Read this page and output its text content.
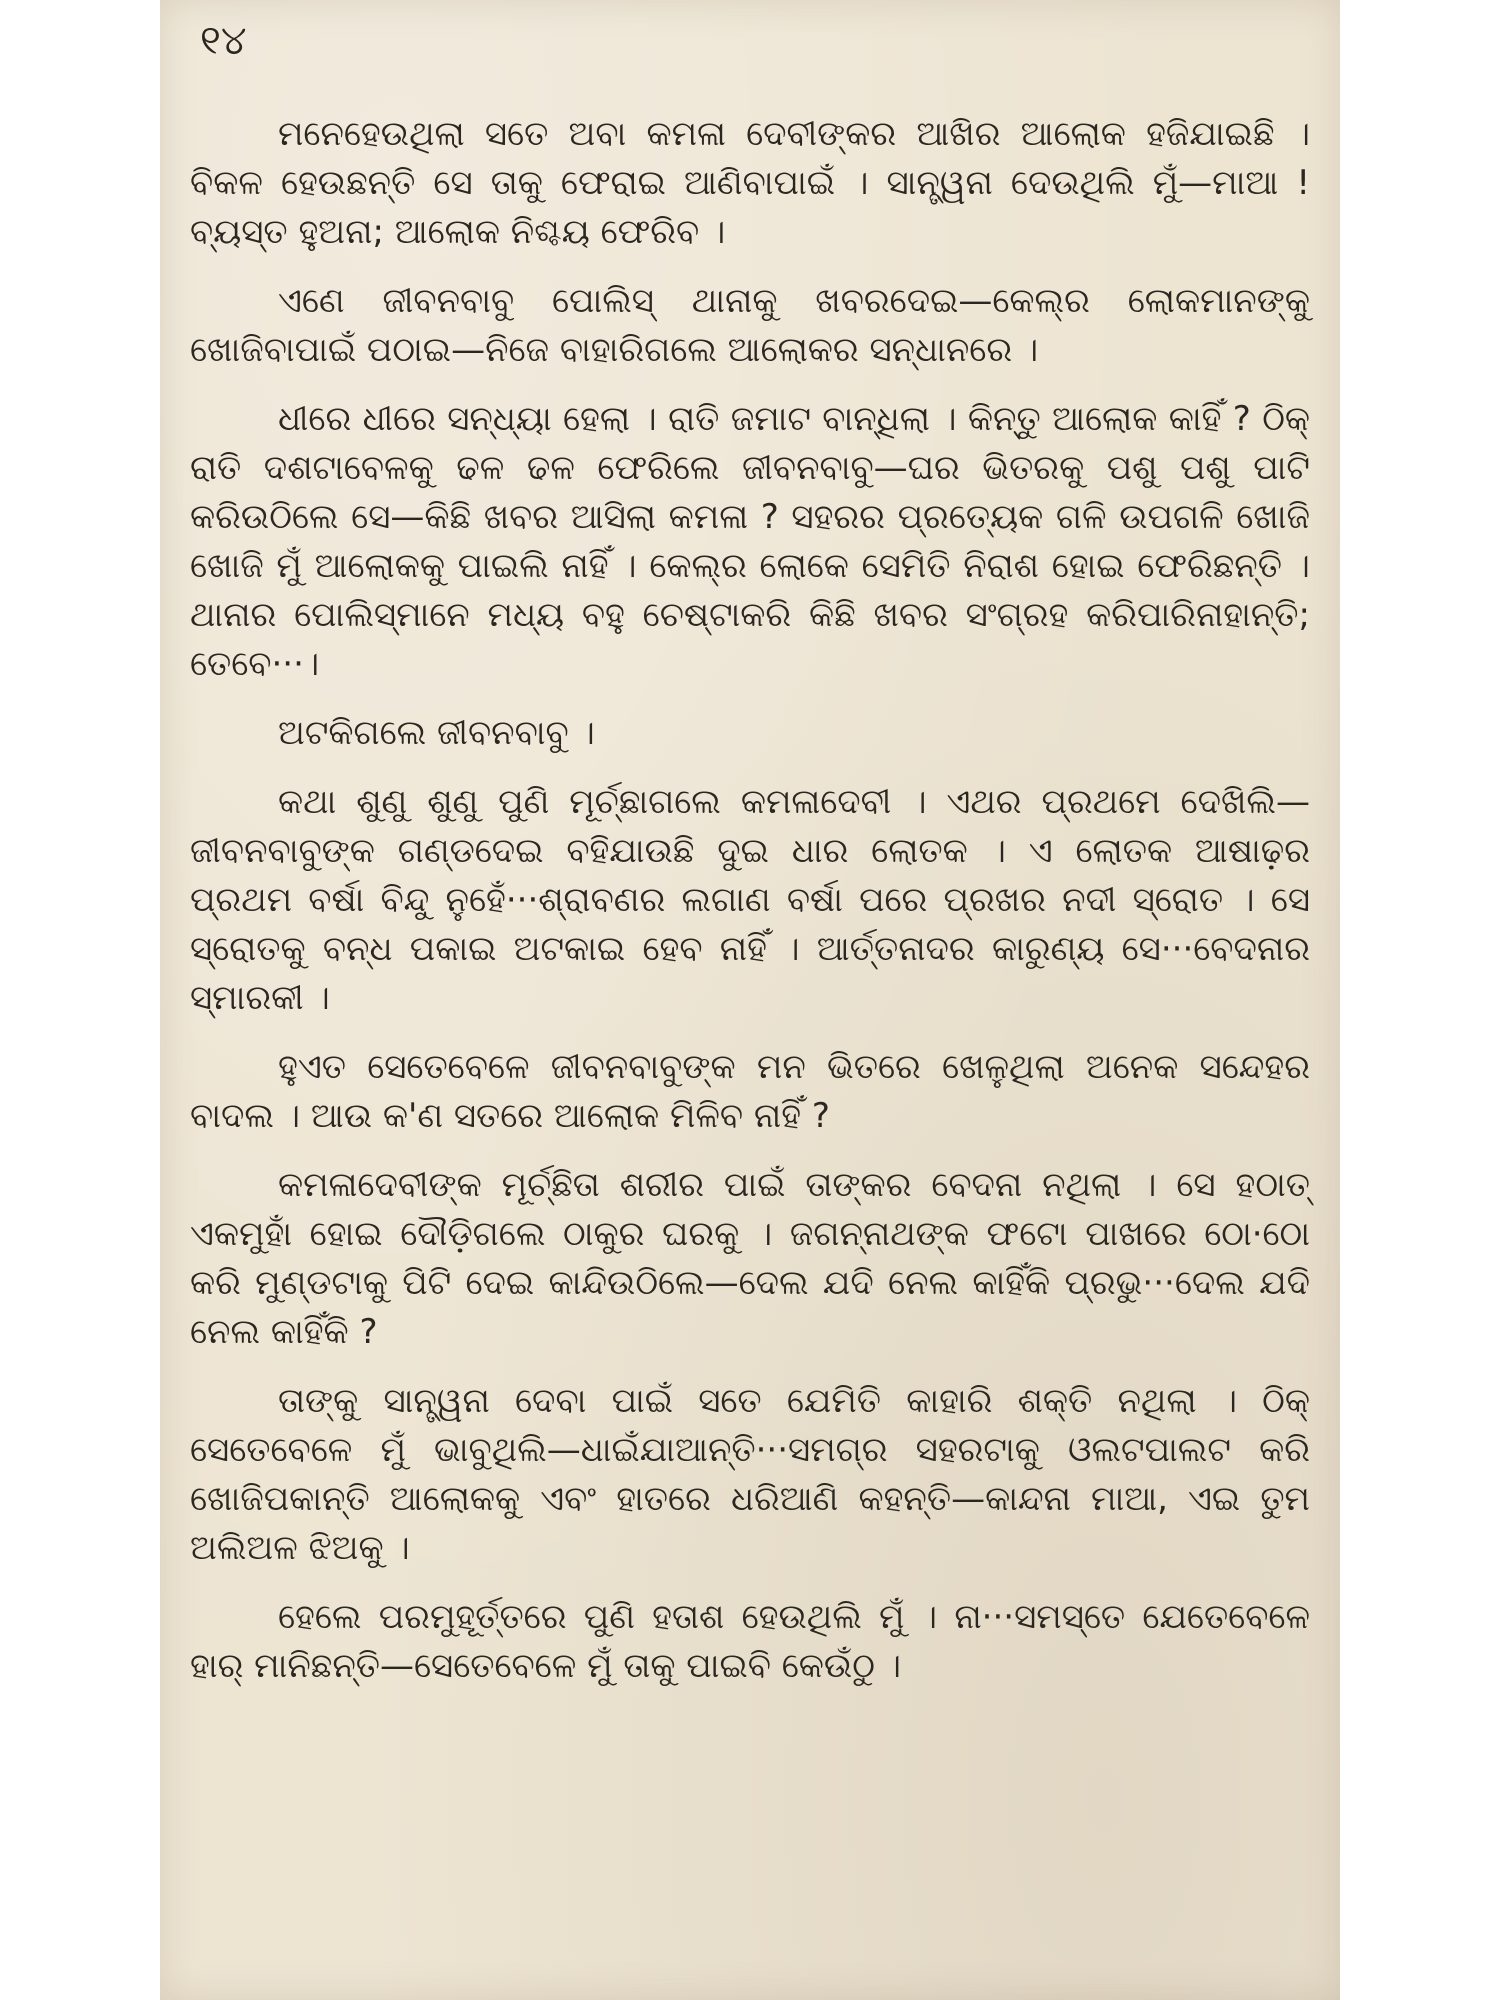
୧୪

ମନେହେଉଥିଲା ସତେ ଅବା କମଳା ଦେବୀଙ୍କର ଆଖିର ଆଲୋକ ହଜିଯାଇଛି । ବିକଳ ହେଉଛନ୍ତି ସେ ତାକୁ ଫେରାଇ ଆଣିବାପାଇଁ । ସାନ୍ତ୍ୱନା ଦେଉଥିଲି ମୁଁ—ମାଆ ! ବ୍ୟସ୍ତ ହୁଅନା; ଆଲୋକ ନିଶ୍ଚୟ ଫେରିବ ।

ଏଣେ ଜୀବନବାବୁ ପୋଲିସ୍ ଥାନାକୁ ଖବରଦେଇ—କେଲ୍‌ର ଲୋକମାନଙ୍କୁ ଖୋଜିବାପାଇଁ ପଠାଇ—ନିଜେ ବାହାରିଗଲେ ଆଲୋକର ସନ୍ଧାନରେ ।

ଧୀରେ ଧୀରେ ସନ୍ଧ୍ୟା ହେଲା । ରାତି ଜମାଟ ବାନ୍ଧିଲା । କିନ୍ତୁ ଆଲୋକ କାହିଁ ? ଠିକ୍ ରାତି ଦଶଟାବେଳକୁ ଢଳ ଢଳ ଫେରିଲେ ଜୀବନବାବୁ—ଘର ଭିତରକୁ ପଶୁ ପଶୁ ପାଟି କରିଉଠିଲେ ସେ—କିଛି ଖବର ଆସିଲା କମଳା ? ସହରର ପ୍ରତ୍ୟେକ ଗଳି ଉପଗଳି ଖୋଜି ଖୋଜି ମୁଁ ଆଲୋକକୁ ପାଇଲି ନାହିଁ । କେଲ୍‌ର ଲୋକେ ସେମିତି ନିରାଶ ହୋଇ ଫେରିଛନ୍ତି । ଥାନାର ପୋଲିସ୍‌ମାନେ ମଧ୍ୟ ବହୁ ଚେଷ୍ଟାକରି କିଛି ଖବର ସଂଗ୍ରହ କରିପାରିନାହାନ୍ତି; ତେବେ···।

ଅଟକିଗଲେ ଜୀବନବାବୁ ।

କଥା ଶୁଣୁ ଶୁଣୁ ପୁଣି ମୂର୍ଚ୍ଛାଗଲେ କମଳାଦେବୀ । ଏଥର ପ୍ରଥମେ ଦେଖିଲି—ଜୀବନବାବୁଙ୍କ ଗଣ୍ଡଦେଇ ବହିଯାଉଛି ଦୁଇ ଧାର ଲୋତକ । ଏ ଲୋତକ ଆଷାଢ଼ର ପ୍ରଥମ ବର୍ଷା ବିନ୍ଦୁ ନୁହେଁ···ଶ୍ରାବଣର ଲଗାଣ ବର୍ଷା ପରେ ପ୍ରଖର ନଦୀ ସ୍ରୋତ । ସେ ସ୍ରୋତକୁ ବନ୍ଧ ପକାଇ ଅଟକାଇ ହେବ ନାହିଁ । ଆର୍ତ୍ତନାଦର କାରୁଣ୍ୟ ସେ···ବେଦନାର ସ୍ମାରକୀ ।

ହୁଏତ ସେତେବେଳେ ଜୀବନବାବୁଙ୍କ ମନ ଭିତରେ ଖେଳୁଥିଲା ଅନେକ ସନ୍ଦେହର ବାଦଲ । ଆଉ କ'ଣ ସତରେ ଆଲୋକ ମିଳିବ ନାହିଁ ?

କମଳାଦେବୀଙ୍କ ମୂର୍ଚ୍ଛିତା ଶରୀର ପାଇଁ ତାଙ୍କର ବେଦନା ନଥିଲା । ସେ ହଠାତ୍ ଏକମୁହାଁ ହୋଇ ଦୌଡ଼ିଗଲେ ଠାକୁର ଘରକୁ । ଜଗନ୍ନାଥଙ୍କ ଫଟୋ ପାଖରେ ଠୋ·ଠୋ କରି ମୁଣ୍ଡଟାକୁ ପିଟି ଦେଇ କାନ୍ଦିଉଠିଲେ—ଦେଲ ଯଦି ନେଲ କାହିଁକି ପ୍ରଭୁ···ଦେଲ ଯଦି ନେଲ କାହିଁକି ?

ତାଙ୍କୁ ସାନ୍ତ୍ୱନା ଦେବା ପାଇଁ ସତେ ଯେମିତି କାହାରି ଶକ୍ତି ନଥିଲା । ଠିକ୍ ସେତେବେଳେ ମୁଁ ଭାବୁଥିଲି—ଧାଇଁଯାଆନ୍ତି···ସମଗ୍ର ସହରଟାକୁ ଓଲଟପାଲଟ କରି ଖୋଜିପକାନ୍ତି ଆଲୋକକୁ ଏବଂ ହାତରେ ଧରିଆଣି କହନ୍ତି—କାନ୍ଦନା ମାଆ, ଏଇ ତୁମ ଅଲିଅଳ ଝିଅକୁ ।

ହେଲେ ପରମୁହୂର୍ତ୍ତରେ ପୁଣି ହତାଶ ହେଉଥିଲି ମୁଁ । ନା···ସମସ୍ତେ ଯେତେବେଳେ ହାର୍ ମାନିଛନ୍ତି—ସେତେବେଳେ ମୁଁ ତାକୁ ପାଇବି କେଉଁଠୁ ।
